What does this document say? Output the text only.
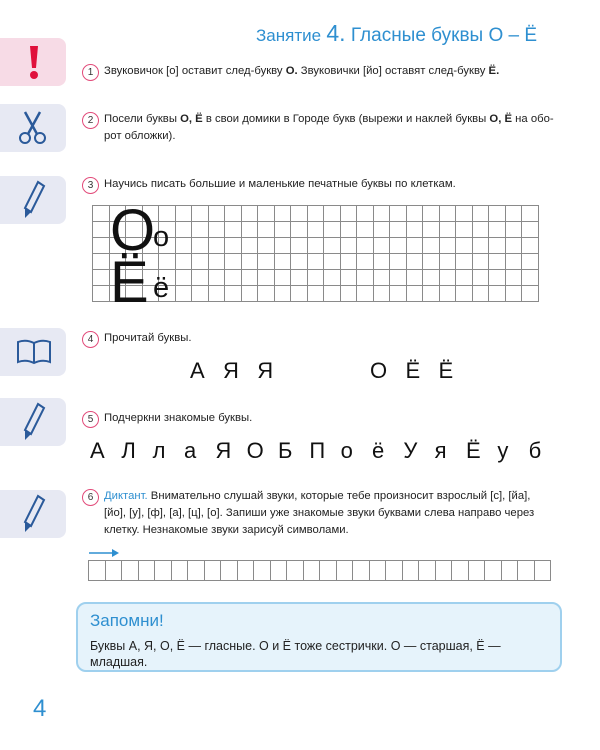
Занятие 4. Гласные буквы О – Ё
1 Звуковичок [о] оставит след-букву О. Звуковички [йо] оставят след-букву Ё.
2 Посели буквы О, Ё в свои домики в Городе букв (вырежи и наклей буквы О, Ё на обо-
рот обложки).
3 Научись писать большие и маленькие печатные буквы по клеткам.

О
о
Ё ё
4 Прочитай буквы.
А Я Я	О Ё Ё
5 Подчеркни знакомые буквы.
А Л л а Я О Б П о ё У я Ё у б
6 Диктант. Внимательно слушай звуки, которые тебе произносит взрослый [с], [йа],
[йо], [у], [ф], [а], [ц], [о]. Запиши уже знакомые звуки буквами слева направо через
клетку. Незнакомые звуки зарисуй символами.

Запомни!
Буквы А, Я, О, Ё — гласные. О и Ё тоже сестрички. О — старшая, Ё —
младшая.
4
